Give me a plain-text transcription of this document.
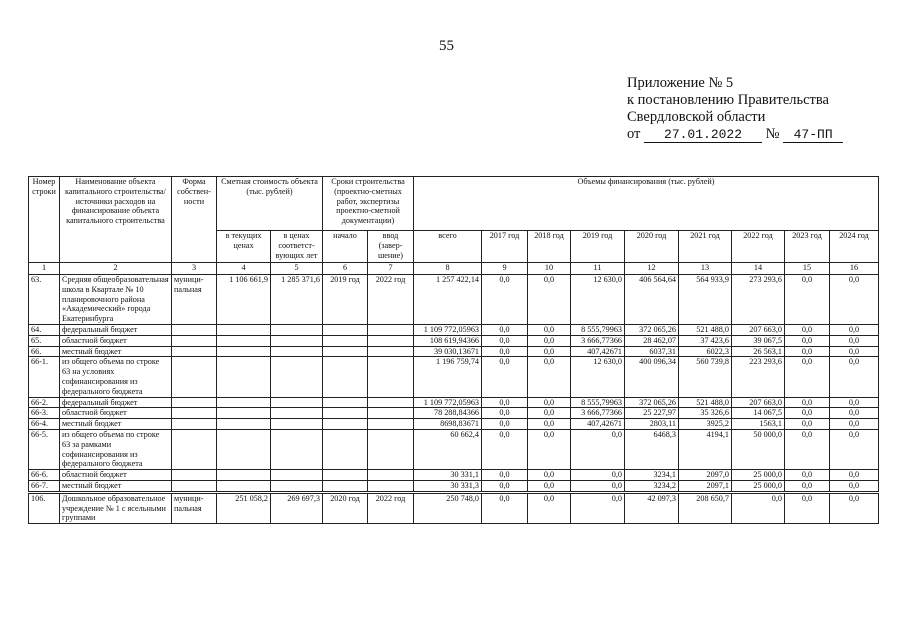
55
Приложение № 5
к постановлению Правительства
Свердловской области
от 27.01.2022 № 47-ПП
Номер строки	Наименование объекта капитального строительства/источники расходов на финансирование объекта капитального строительства	Форма собствен-ности	Сметная стоимость объекта (тыс. рублей)		Сроки строительства (проектно-сметных работ, экспертизы проектно-сметной документации)		Объемы финансирования (тыс. рублей)								
			в текущих ценах	в ценах соответст-вующих лет	начало	ввод (завер-шение)	всего	2017 год	2018 год	2019 год	2020 год	2021 год	2022 год	2023 год	2024 год
1	2	3	4	5	6	7	8	9	10	11	12	13	14	15	16
63.	Средняя общеобразовательная школа в Квартале № 10 планировочного района «Академический» города Екатеринбурга	муници-пальная	1 106 661,9	1 285 371,6	2019 год	2022 год	1 257 422,14	0,0	0,0	12 630,0	406 564,64	564 933,9	273 293,6	0,0	0,0
64.	федеральный бюджет						1 109 772,05963	0,0	0,0	8 555,79963	372 065,26	521 488,0	207 663,0	0,0	0,0
65.	областной бюджет						108 619,94366	0,0	0,0	3 666,77366	28 462,07	37 423,6	39 067,5	0,0	0,0
66.	местный бюджет						39 030,13671	0,0	0,0	407,42671	6037,31	6022,3	26 563,1	0,0	0,0
66-1.	из общего объема по строке 63 на условиях софинансирования из федерального бюджета						1 196 759,74	0,0	0,0	12 630,0	400 096,34	560 739,8	223 293,6	0,0	0,0
66-2.	федеральный бюджет						1 109 772,05963	0,0	0,0	8 555,79963	372 065,26	521 488,0	207 663,0	0,0	0,0
66-3.	областной бюджет						78 288,84366	0,0	0,0	3 666,77366	25 227,97	35 326,6	14 067,5	0,0	0,0
66-4.	местный бюджет						8698,83671	0,0	0,0	407,42671	2803,11	3925,2	1563,1	0,0	0,0
66-5.	из общего объема по строке 63 за рамками софинансирования из федерального бюджета						60 662,4	0,0	0,0	0,0	6468,3	4194,1	50 000,0	0,0	0,0
66-6.	областной бюджет						30 331,1	0,0	0,0	0,0	3234,1	2097,0	25 000,0	0,0	0,0
66-7.	местный бюджет						30 331,3	0,0	0,0	0,0	3234,2	2097,1	25 000,0	0,0	0,0
106.	Дошкольное образовательное учреждение № 1 с ясельными группами	муници-пальная	251 058,2	269 697,3	2020 год	2022 год	250 748,0	0,0	0,0	0,0	42 097,3	208 650,7	0,0	0,0	0,0
